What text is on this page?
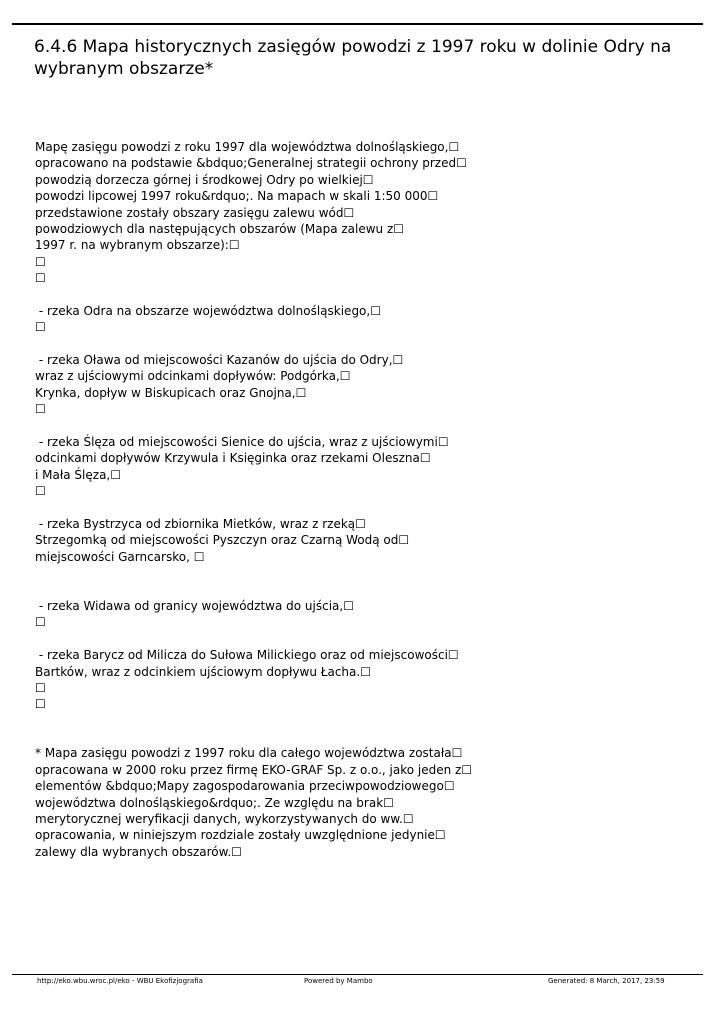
6.4.6 Mapa historycznych zasięgów powodzi z 1997 roku w dolinie Odry na
wybranym obszarze*
Mapę zasięgu powodzi z roku 1997 dla województwa dolnośląskiego,☐
opracowano na podstawie &bdquo;Generalnej strategii ochrony przed☐
powodzią dorzecza górnej i środkowej Odry po wielkiej☐
powodzi lipcowej 1997 roku&rdquo;. Na mapach w skali 1:50 000☐
przedstawione zostały obszary zasięgu zalewu wód☐
powodziowych dla następujących obszarów (Mapa zalewu z☐
1997 r. na wybranym obszarze):☐
☐
☐
- rzeka Odra na obszarze województwa dolnośląskiego,☐
☐
- rzeka Oława od miejscowości Kazanów do ujścia do Odry,☐
wraz z ujściowymi odcinkami dopływów: Podgórka,☐
Krynka, dopływ w Biskupicach oraz Gnojna,☐
☐
- rzeka Ślęza od miejscowości Sienice do ujścia, wraz z ujściowymi☐
odcinkami dopływów Krzywula i Księginka oraz rzekami Oleszna☐
i Mała Ślęza,☐
☐
- rzeka Bystrzyca od zbiornika Mietków, wraz z rzeką☐
Strzegomką od miejscowości Pyszczyn oraz Czarną Wodą od☐
miejscowości Garncarsko, ☐
- rzeka Widawa od granicy województwa do ujścia,☐
☐
- rzeka Barycz od Milicza do Sułowa Milickiego oraz od miejscowości☐
Bartków, wraz z odcinkiem ujściowym dopływu Łacha.☐
☐
☐
* Mapa zasięgu powodzi z 1997 roku dla całego województwa została☐
opracowana w 2000 roku przez firmę EKO-GRAF Sp. z o.o., jako jeden z☐
elementów &bdquo;Mapy zagospodarowania przeciwpowodziowego☐
województwa dolnośląskiego&rdquo;. Ze względu na brak☐
merytorycznej weryfikacji danych, wykorzystywanych do ww.☐
opracowania, w niniejszym rozdziale zostały uwzględnione jedynie☐
zalewy dla wybranych obszarów.☐
http://eko.wbu.wroc.pl/eko - WBU Ekofizjografia	Powered by Mambo	Generated: 8 March, 2017, 23:59
